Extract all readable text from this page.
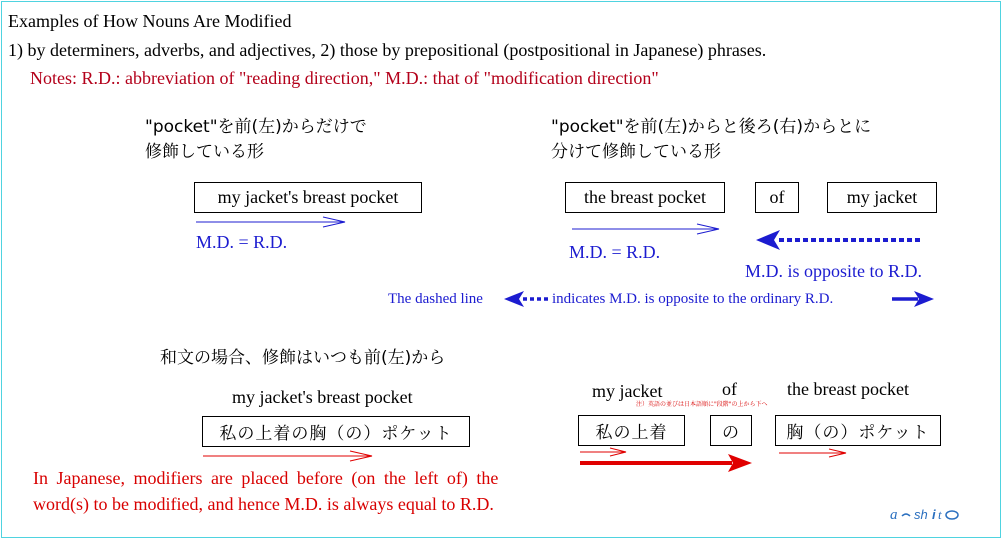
Examples of How Nouns Are Modified
1) by determiners, adverbs, and adjectives, 2) those by prepositional (postpositional in Japanese) phrases.
Notes: R.D.: abbreviation of "reading direction," M.D.: that of "modification direction"
"pocket"を前(左)からだけで
修飾している形
my jacket's breast pocket
M.D. = R.D.
"pocket"を前(左)からと後ろ(右)からとに
分けて修飾している形
the breast pocket	of	my jacket
M.D. = R.D.
M.D. is opposite to R.D.
The dashed line	indicates M.D. is opposite to the ordinary R.D.
和文の場合、修飾はいつも前(左)から
my jacket's breast pocket
私の上着の胸（の）ポケット
my jacket	of	the breast pocket
注）英語の並びは日本語順に"段階"の上から下へ
私の上着	の	胸（の）ポケット
In Japanese, modifiers are placed before (on the left of) the
word(s) to be modified, and hence M.D. is always equal to R.D.
a sh i t
